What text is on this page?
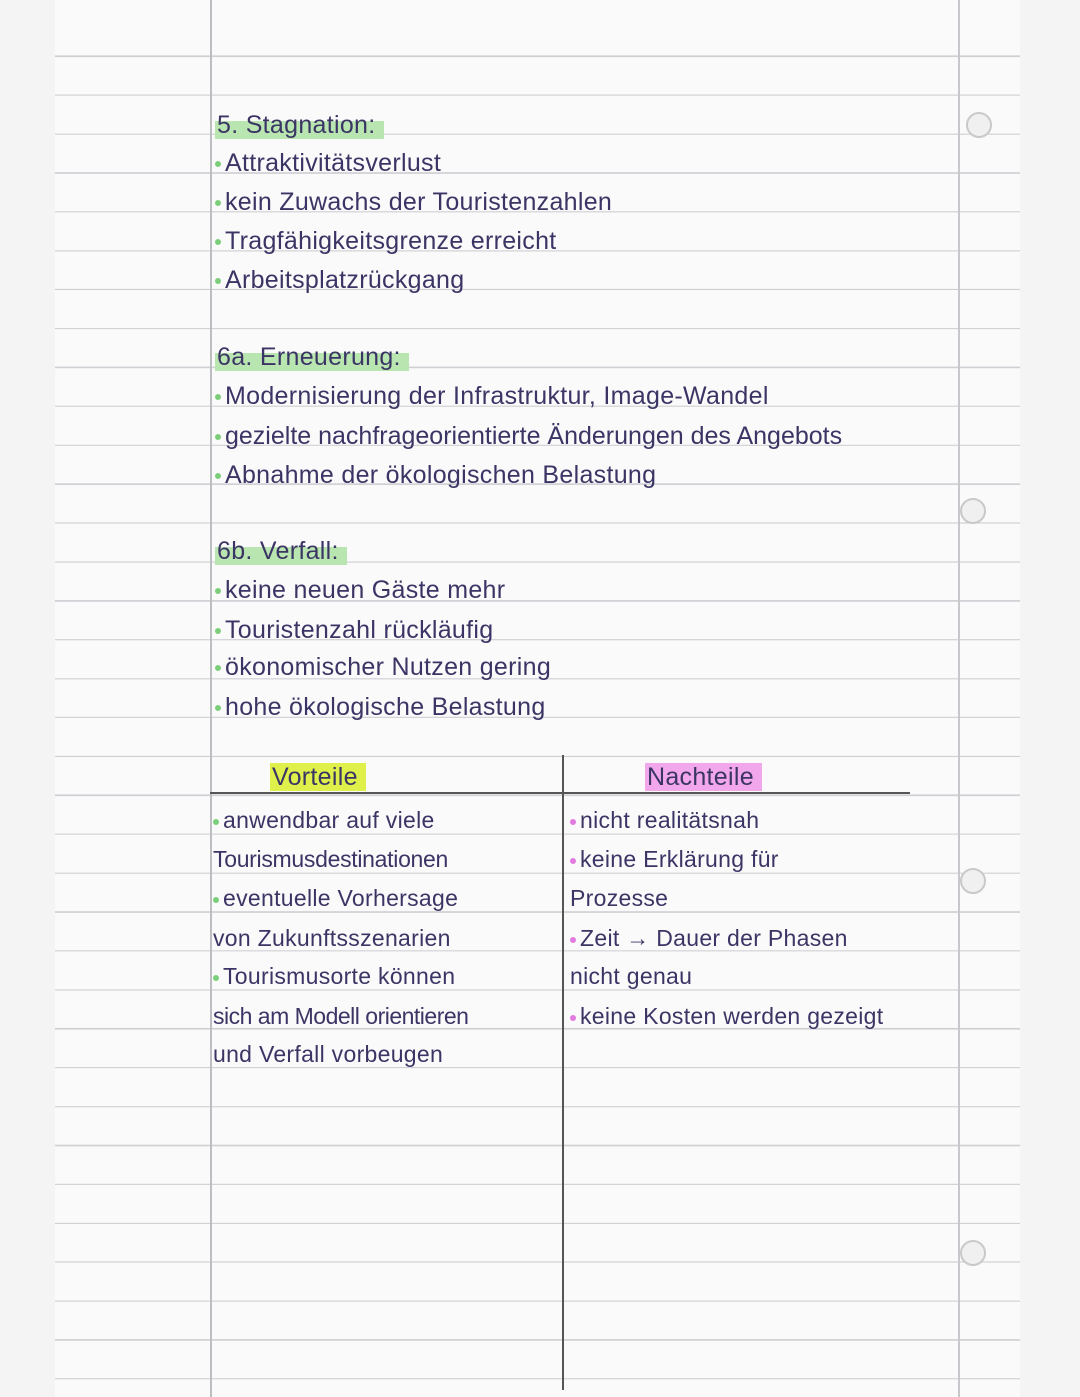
5. Stagnation:
Attraktivitätsverlust
kein Zuwachs der Touristenzahlen
Tragfähigkeitsgrenze erreicht
Arbeitsplatzrückgang
6a. Erneuerung:
Modernisierung der Infrastruktur, Image-Wandel
gezielte nachfrageorientierte Änderungen des Angebots
Abnahme der ökologischen Belastung
6b. Verfall:
keine neuen Gäste mehr
Touristenzahl rückläufig
ökonomischer Nutzen gering
hohe ökologische Belastung
Vorteile	Nachteile
anwendbar auf viele
Tourismusdestinationen
eventuelle Vorhersage
von Zukunftsszenarien
Tourismusorte können
sich am Modell orientieren
und Verfall vorbeugen
nicht realitätsnah
keine Erklärung für
Prozesse
Zeit → Dauer der Phasen
nicht genau
keine Kosten werden gezeigt
